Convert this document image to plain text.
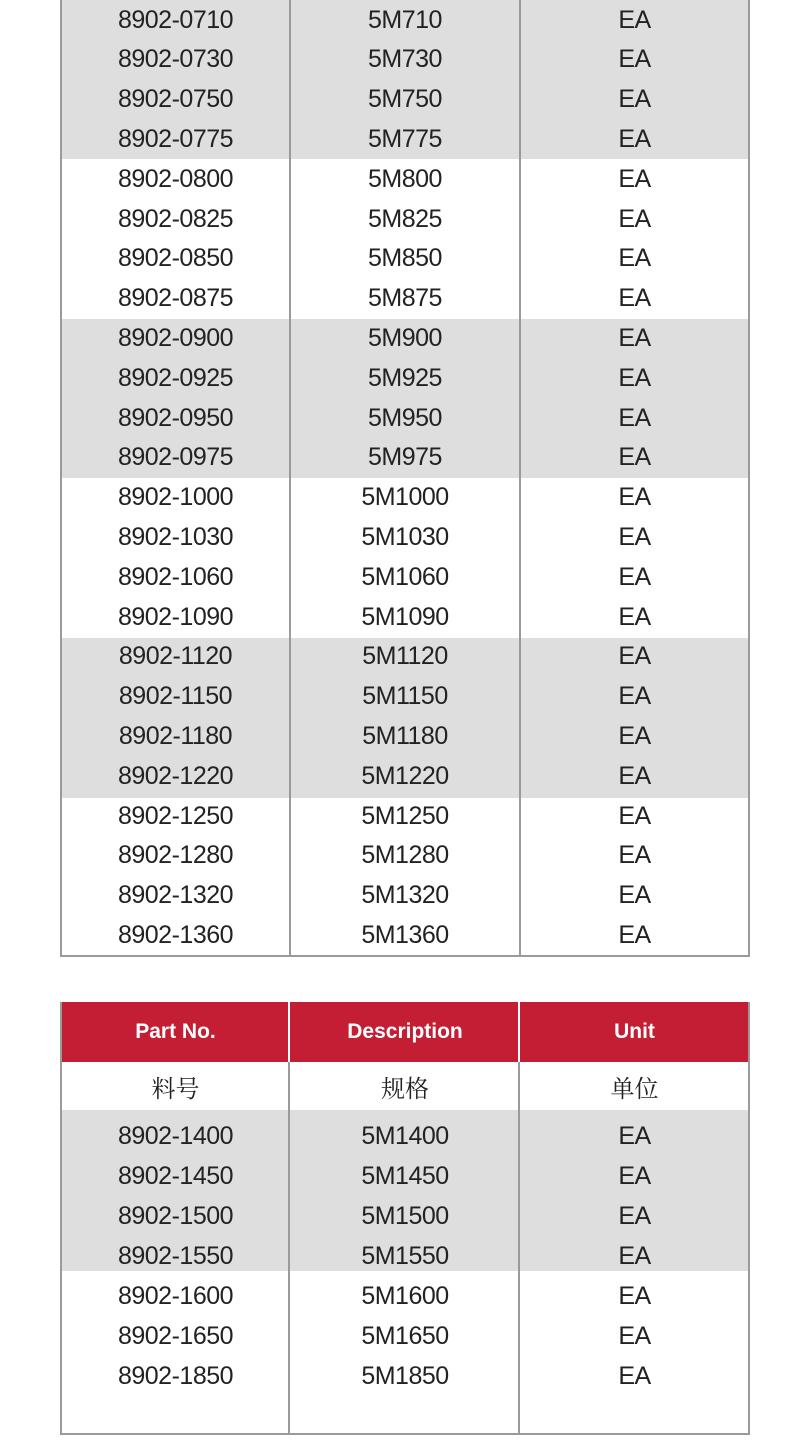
8902-0710	5M710	EA
8902-0730	5M730	EA
8902-0750	5M750	EA
8902-0775	5M775	EA
8902-0800	5M800	EA
8902-0825	5M825	EA
8902-0850	5M850	EA
8902-0875	5M875	EA
8902-0900	5M900	EA
8902-0925	5M925	EA
8902-0950	5M950	EA
8902-0975	5M975	EA
8902-1000	5M1000	EA
8902-1030	5M1030	EA
8902-1060	5M1060	EA
8902-1090	5M1090	EA
8902-1120	5M1120	EA
8902-1150	5M1150	EA
8902-1180	5M1180	EA
8902-1220	5M1220	EA
8902-1250	5M1250	EA
8902-1280	5M1280	EA
8902-1320	5M1320	EA
8902-1360	5M1360	EA
Part No.	Description	Unit
料号	规格	单位
8902-1400	5M1400	EA
8902-1450	5M1450	EA
8902-1500	5M1500	EA
8902-1550	5M1550	EA
8902-1600	5M1600	EA
8902-1650	5M1650	EA
8902-1850	5M1850	EA
